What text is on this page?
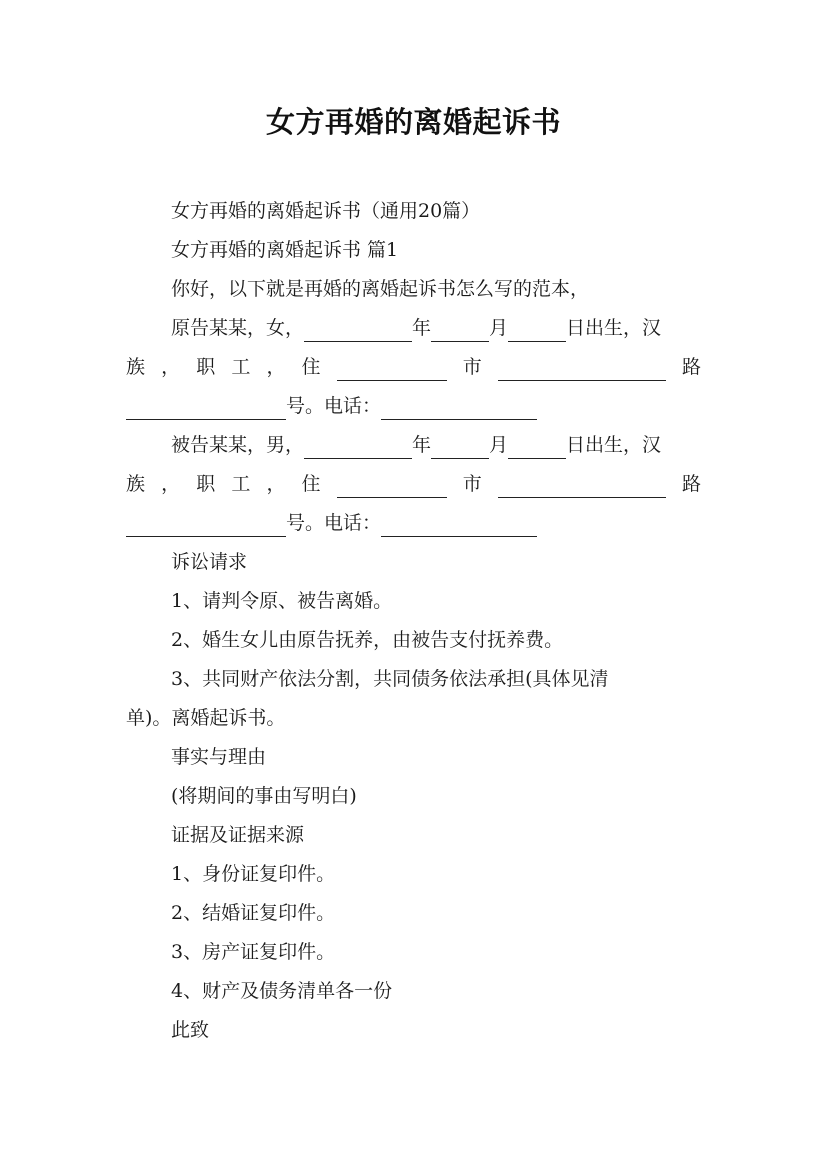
女方再婚的离婚起诉书
女方再婚的离婚起诉书（通用20篇）
女方再婚的离婚起诉书 篇1
你好，以下就是再婚的离婚起诉书怎么写的范本，
原告某某，女，	年	月	日出生，汉
族 ， 职 工 ， 住	市	路
号。电话：
被告某某，男，	年	月	日出生，汉
族 ， 职 工 ， 住	市	路
号。电话：
诉讼请求
1、请判令原、被告离婚。
2、婚生女儿由原告抚养，由被告支付抚养费。
3、共同财产依法分割，共同债务依法承担(具体见清
单)。离婚起诉书。
事实与理由
(将期间的事由写明白)
证据及证据来源
1、身份证复印件。
2、结婚证复印件。
3、房产证复印件。
4、财产及债务清单各一份
此致
